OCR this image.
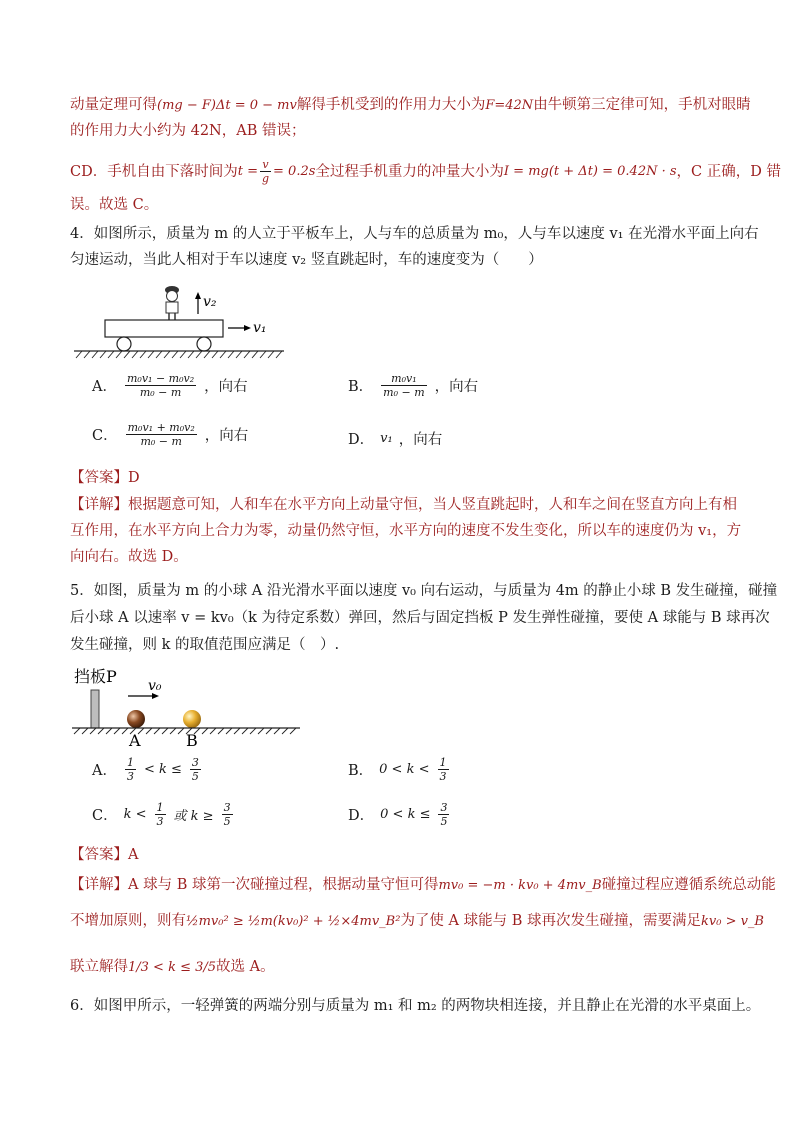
动量定理可得(mg − F)Δt = 0 − mv解得手机受到的作用力大小为F=42N由牛顿第三定律可知，手机对眼睛
的作用力大小约为 42N，AB 错误；
CD．手机自由下落时间为 $t = \frac{v}{g} = 0.2s$ 全过程手机重力的冲量大小为 I = mg(t + Δt) = 0.42N · s ，C 正确，D 错
误。故选 C。
4．如图所示，质量为 m 的人立于平板车上，人与车的总质量为 m₀，人与车以速度 v₁ 在光滑水平面上向右
匀速运动，当此人相对于车以速度 v₂ 竖直跳起时，车的速度变为（　　）
v₂
v₁
A． $\frac{\text{m₀v₁ − m₀v₂}}{\text{m₀ − m}}$ ，向右	B． $\frac{\text{m₀v₁}}{\text{m₀ − m}}$ ，向右
C． $\frac{\text{m₀v₁ + m₀v₂}}{\text{m₀ − m}}$ ，向右	D． v₁ ，向右
【答案】D
【详解】根据题意可知，人和车在水平方向上动量守恒，当人竖直跳起时，人和车之间在竖直方向上有相
互作用，在水平方向上合力为零，动量仍然守恒，水平方向的速度不发生变化，所以车的速度仍为 v₁，方
向向右。故选 D。
5．如图，质量为 m 的小球 A 沿光滑水平面以速度 v₀ 向右运动，与质量为 4m 的静止小球 B 发生碰撞，碰撞
后小球 A 以速率 v = kv₀（k 为待定系数）弹回，然后与固定挡板 P 发生弹性碰撞，要使 A 球能与 B 球再次
发生碰撞，则 k 的取值范围应满足（　）.
挡板P v₀
A	B
A． $\frac{1}{3} < k \le \frac{3}{5}$	B． $0 < k < \frac{1}{3}$
C． $k < \frac{1}{3}$ 或 $k \ge \frac{3}{5}$	D． $0 < k \le \frac{3}{5}$
【答案】A
【详解】A 球与 B 球第一次碰撞过程，根据动量守恒可得mv₀ = −m · kv₀ + 4mv_B碰撞过程应遵循系统总动能
不增加原则，则有½mv₀² ≥ ½m(kv₀)² + ½×4mv_B²为了使 A 球能与 B 球再次发生碰撞，需要满足kv₀ > v_B
联立解得1/3 < k ≤ 3/5故选 A。
6．如图甲所示，一轻弹簧的两端分别与质量为 m₁ 和 m₂ 的两物块相连接，并且静止在光滑的水平桌面上。
